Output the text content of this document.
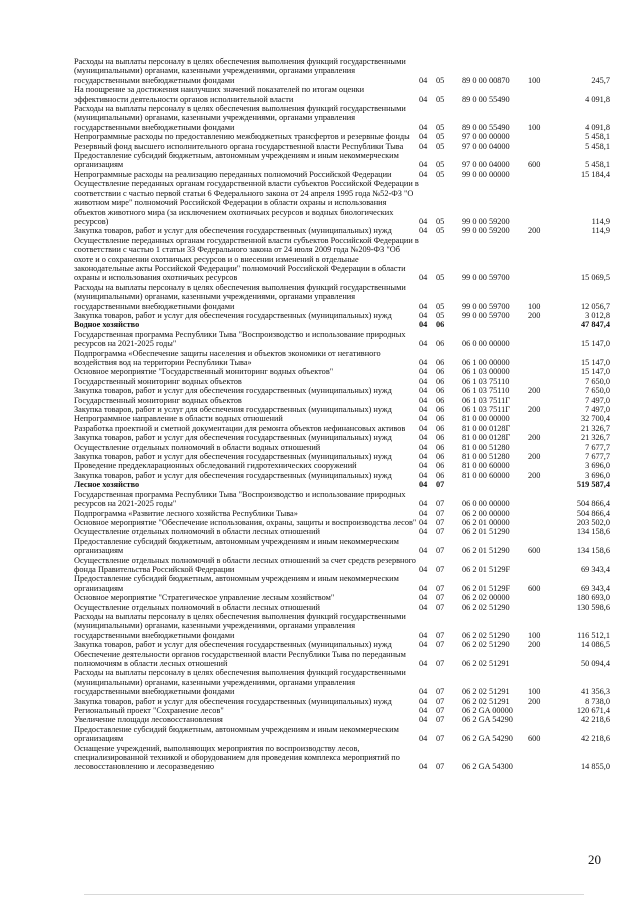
Расходы на выплаты персоналу в целях обеспечения выполнения функций государственными (муниципальными) органами, казенными учреждениями, органами управления государственными внебюджетными фондами	04	05	89 0 00 00870	100	245,7
На поощрение за достижения наилучших значений показателей по итогам оценки эффективности деятельности органов исполнительной власти	04	05	89 0 00 55490		4 091,8
Расходы на выплаты персоналу в целях обеспечения выполнения функций государственными (муниципальными) органами, казенными учреждениями, органами управления государственными внебюджетными фондами	04	05	89 0 00 55490	100	4 091,8
Непрограммные расходы по предоставлению межбюджетных трансфертов и резервные фонды	04	05	97 0 00 00000		5 458,1
Резервный фонд высшего исполнительного органа государственной власти Республики Тыва	04	05	97 0 00 04000		5 458,1
Предоставление субсидий бюджетным, автономным учреждениям и иным некоммерческим организациям	04	05	97 0 00 04000	600	5 458,1
Непрограммные расходы на реализацию переданных полномочий Российской Федерации	04	05	99 0 00 00000		15 184,4
Осуществление переданных органам государственной власти субъектов Российской Федерации в соответствии с частью первой статьи 6 Федерального закона от 24 апреля 1995 года №52-ФЗ "О животном мире" полномочий Российской Федерации в области охраны и использования объектов животного мира (за исключением охотничьих ресурсов и водных биологических ресурсов)	04	05	99 0 00 59200		114,9
Закупка товаров, работ и услуг для обеспечения государственных (муниципальных) нужд	04	05	99 0 00 59200	200	114,9
Осуществление переданных органам государственной власти субъектов Российской Федерации в соответствии с частью 1 статьи 33 Федерального закона от 24 июля 2009 года №209-ФЗ "Об охоте и о сохранении охотничьих ресурсов и о внесении изменений в отдельные законодательные акты Российской Федерации" полномочий Российской Федерации в области охраны и использования охотничьих ресурсов	04	05	99 0 00 59700		15 069,5
Расходы на выплаты персоналу в целях обеспечения выполнения функций государственными (муниципальными) органами, казенными учреждениями, органами управления государственными внебюджетными фондами	04	05	99 0 00 59700	100	12 056,7
Закупка товаров, работ и услуг для обеспечения государственных (муниципальных) нужд	04	05	99 0 00 59700	200	3 012,8
Водное хозяйство	04	06			47 847,4
Государственная программа Республики Тыва "Воспроизводство и использование природных ресурсов на 2021-2025 годы"	04	06	06 0 00 00000		15 147,0
Подпрограмма «Обеспечение защиты населения и объектов экономики от негативного воздействия вод на территории Республики Тыва»	04	06	06 1 00 00000		15 147,0
Основное мероприятие "Государственный мониторинг водных объектов"	04	06	06 1 03 00000		15 147,0
Государственный мониторинг водных объектов	04	06	06 1 03 75110		7 650,0
Закупка товаров, работ и услуг для обеспечения государственных (муниципальных) нужд	04	06	06 1 03 75110	200	7 650,0
Государственный мониторинг водных объектов	04	06	06 1 03 7511Г		7 497,0
Закупка товаров, работ и услуг для обеспечения государственных (муниципальных) нужд	04	06	06 1 03 7511Г	200	7 497,0
Непрограммное направление в области водных отношений	04	06	81 0 00 00000		32 700,4
Разработка проектной и сметной документации для ремонта объектов нефинансовых активов	04	06	81 0 00 0128Г		21 326,7
Закупка товаров, работ и услуг для обеспечения государственных (муниципальных) нужд	04	06	81 0 00 0128Г	200	21 326,7
Осуществление отдельных полномочий в области водных отношений	04	06	81 0 00 51280		7 677,7
Закупка товаров, работ и услуг для обеспечения государственных (муниципальных) нужд	04	06	81 0 00 51280	200	7 677,7
Проведение преддекларационных обследований гидротехнических сооружений	04	06	81 0 00 60000		3 696,0
Закупка товаров, работ и услуг для обеспечения государственных (муниципальных) нужд	04	06	81 0 00 60000	200	3 696,0
Лесное хозяйство	04	07			519 587,4
Государственная программа Республики Тыва "Воспроизводство и использование природных ресурсов на 2021-2025 годы"	04	07	06 0 00 00000		504 866,4
Подпрограмма «Развитие лесного хозяйства Республики Тыва»	04	07	06 2 00 00000		504 866,4
Основное мероприятие "Обеспечение использования, охраны, защиты и воспроизводства лесов"	04	07	06 2 01 00000		203 502,0
Осуществление отдельных полномочий в области лесных отношений	04	07	06 2 01 51290		134 158,6
Предоставление субсидий бюджетным, автономным учреждениям и иным некоммерческим организациям	04	07	06 2 01 51290	600	134 158,6
Осуществление отдельных полномочий в области лесных отношений за счет средств резервного фонда Правительства Российской Федерации	04	07	06 2 01 5129F		69 343,4
Предоставление субсидий бюджетным, автономным учреждениям и иным некоммерческим организациям	04	07	06 2 01 5129F	600	69 343,4
Основное мероприятие "Стратегическое управление лесным хозяйством"	04	07	06 2 02 00000		180 693,0
Осуществление отдельных полномочий в области лесных отношений	04	07	06 2 02 51290		130 598,6
Расходы на выплаты персоналу в целях обеспечения выполнения функций государственными (муниципальными) органами, казенными учреждениями, органами управления государственными внебюджетными фондами	04	07	06 2 02 51290	100	116 512,1
Закупка товаров, работ и услуг для обеспечения государственных (муниципальных) нужд	04	07	06 2 02 51290	200	14 086,5
Обеспечение деятельности органов государственной власти Республики Тыва по переданным полномочиям в области лесных отношений	04	07	06 2 02 51291		50 094,4
Расходы на выплаты персоналу в целях обеспечения выполнения функций государственными (муниципальными) органами, казенными учреждениями, органами управления государственными внебюджетными фондами	04	07	06 2 02 51291	100	41 356,3
Закупка товаров, работ и услуг для обеспечения государственных (муниципальных) нужд	04	07	06 2 02 51291	200	8 738,0
Региональный проект "Сохранение лесов"	04	07	06 2 GA 00000		120 671,4
Увеличение площади лесовосстановления	04	07	06 2 GA 54290		42 218,6
Предоставление субсидий бюджетным, автономным учреждениям и иным некоммерческим организациям	04	07	06 2 GA 54290	600	42 218,6
Оснащение учреждений, выполняющих мероприятия по воспроизводству лесов, специализированной техникой и оборудованием для проведения комплекса мероприятий по лесовосстановлению и лесоразведению	04	07	06 2 GA 54300		14 855,0
20
